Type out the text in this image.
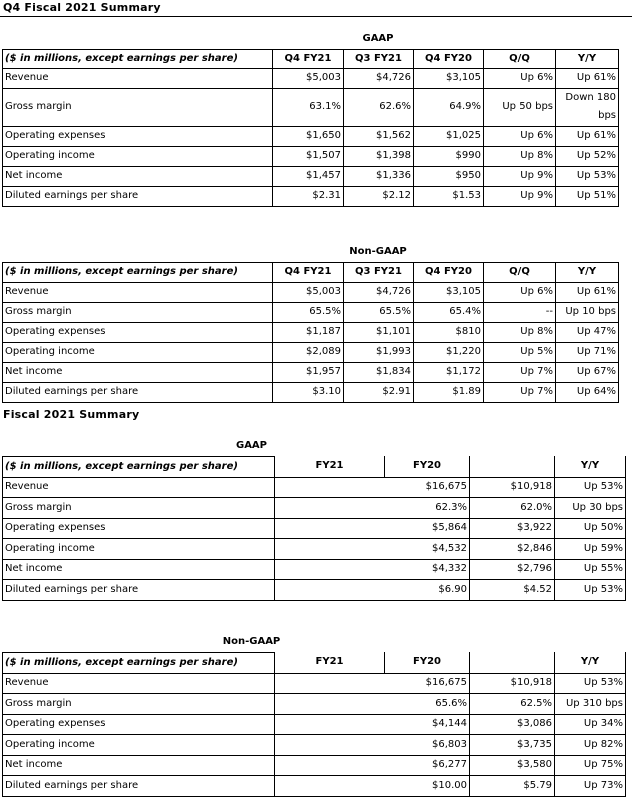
Q4 Fiscal 2021 Summary
	GAAP				
($ in millions, except earnings per share)	Q4 FY21	Q3 FY21	Q4 FY20	Q/Q	Y/Y
Revenue	$5,003	$4,726	$3,105	Up 6%	Up 61%
Gross margin	63.1%	62.6%	64.9%	Up 50 bps	Down 180 bps
Operating expenses	$1,650	$1,562	$1,025	Up 6%	Up 61%
Operating income	$1,507	$1,398	$990	Up 8%	Up 52%
Net income	$1,457	$1,336	$950	Up 9%	Up 53%
Diluted earnings per share	$2.31	$2.12	$1.53	Up 9%	Up 51%
	Non-GAAP				
($ in millions, except earnings per share)	Q4 FY21	Q3 FY21	Q4 FY20	Q/Q	Y/Y
Revenue	$5,003	$4,726	$3,105	Up 6%	Up 61%
Gross margin	65.5%	65.5%	65.4%	--	Up 10 bps
Operating expenses	$1,187	$1,101	$810	Up 8%	Up 47%
Operating income	$2,089	$1,993	$1,220	Up 5%	Up 71%
Net income	$1,957	$1,834	$1,172	Up 7%	Up 67%
Diluted earnings per share	$3.10	$2.91	$1.89	Up 7%	Up 64%
Fiscal 2021 Summary
	GAAP				
($ in millions, except earnings per share)		FY21	FY20		Y/Y
Revenue		$16,675		$10,918	Up 53%
Gross margin		62.3%		62.0%	Up 30 bps
Operating expenses		$5,864		$3,922	Up 50%
Operating income		$4,532		$2,846	Up 59%
Net income		$4,332		$2,796	Up 55%
Diluted earnings per share		$6.90		$4.52	Up 53%
	Non-GAAP				
($ in millions, except earnings per share)		FY21	FY20		Y/Y
Revenue		$16,675		$10,918	Up 53%
Gross margin		65.6%		62.5%	Up 310 bps
Operating expenses		$4,144		$3,086	Up 34%
Operating income		$6,803		$3,735	Up 82%
Net income		$6,277		$3,580	Up 75%
Diluted earnings per share		$10.00		$5.79	Up 73%
